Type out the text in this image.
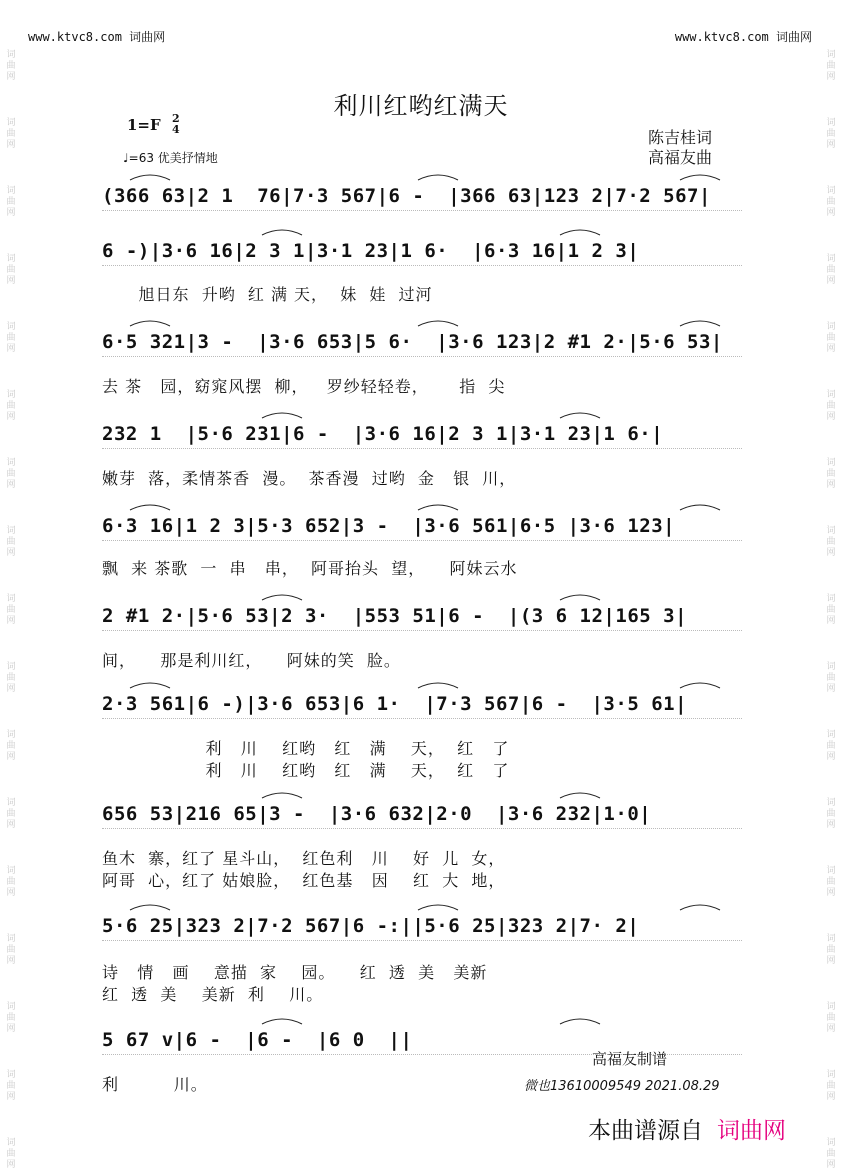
词
曲
网
词
曲
网
词
曲
网
词
曲
网
词
曲
网
词
曲
网
词
曲
网
词
曲
网
词
曲
网
词
曲
网
词
曲
网
词
曲
网
词
曲
网
词
曲
网
词
曲
网
词
曲
网
词
曲
网
词
曲
网
词
曲
网
词
曲
网
词
曲
网
词
曲
网
词
曲
网
词
曲
网
词
曲
网
词
曲
网
词
曲
网
词
曲
网
词
曲
网
词
曲
网
词
曲
网
词
曲
网
词
曲
网
词
曲
网
www.ktvc8.com 词曲网	www.ktvc8.com 词曲网
利川红哟红满天
1=F 2
4
♩=63 优美抒情地
陈吉桂词
高福友曲
(366 63|2 1  76|7·3 567|6 -  |366 63|123 2|7·2 567|
6 -)|3·6 16|2 3 1|3·1 23|1 6·  |6·3 16|1 2 3|
旭日东  升哟  红 满 天，  妹  娃  过河
6·5 321|3 -  |3·6 653|5 6·  |3·6 123|2 #1 2·|5·6 53|
去 茶   园，窈窕风摆  柳，   罗纱轻轻卷，     指  尖
232 1  |5·6 231|6 -  |3·6 16|2 3 1|3·1 23|1 6·|
嫩芽  落，柔情茶香  漫。  茶香漫  过哟  金   银  川，
6·3 16|1 2 3|5·3 652|3 -  |3·6 561|6·5 |3·6 123|
飘  来 茶歌  一  串   串，  阿哥抬头  望，    阿妹云水
2 #1 2·|5·6 53|2 3·  |553 51|6 -  |(3 6 12|165 3|
间，    那是利川红，    阿妹的笑  脸。
2·3 561|6 -)|3·6 653|6 1·  |7·3 567|6 -  |3·5 61|
利   川    红哟   红   满    天，  红   了
利   川    红哟   红   满    天，  红   了
656 53|216 65|3 -  |3·6 632|2·0  |3·6 232|1·0|
鱼木  寨，红了 星斗山，  红色利   川    好  儿  女，
阿哥  心，红了 姑娘脸，  红色基   因    红  大  地，
5·6 25|323 2|7·2 567|6 -:||5·6 25|323 2|7· 2|
诗   情   画    意描  家    园。    红  透  美   美新
红  透  美    美新  利    川。
5 67 v|6 -  |6 -  |6 0  ||
利         川。
高福友制谱
微也13610009549 2021.08.29
本曲谱源自 词曲网
